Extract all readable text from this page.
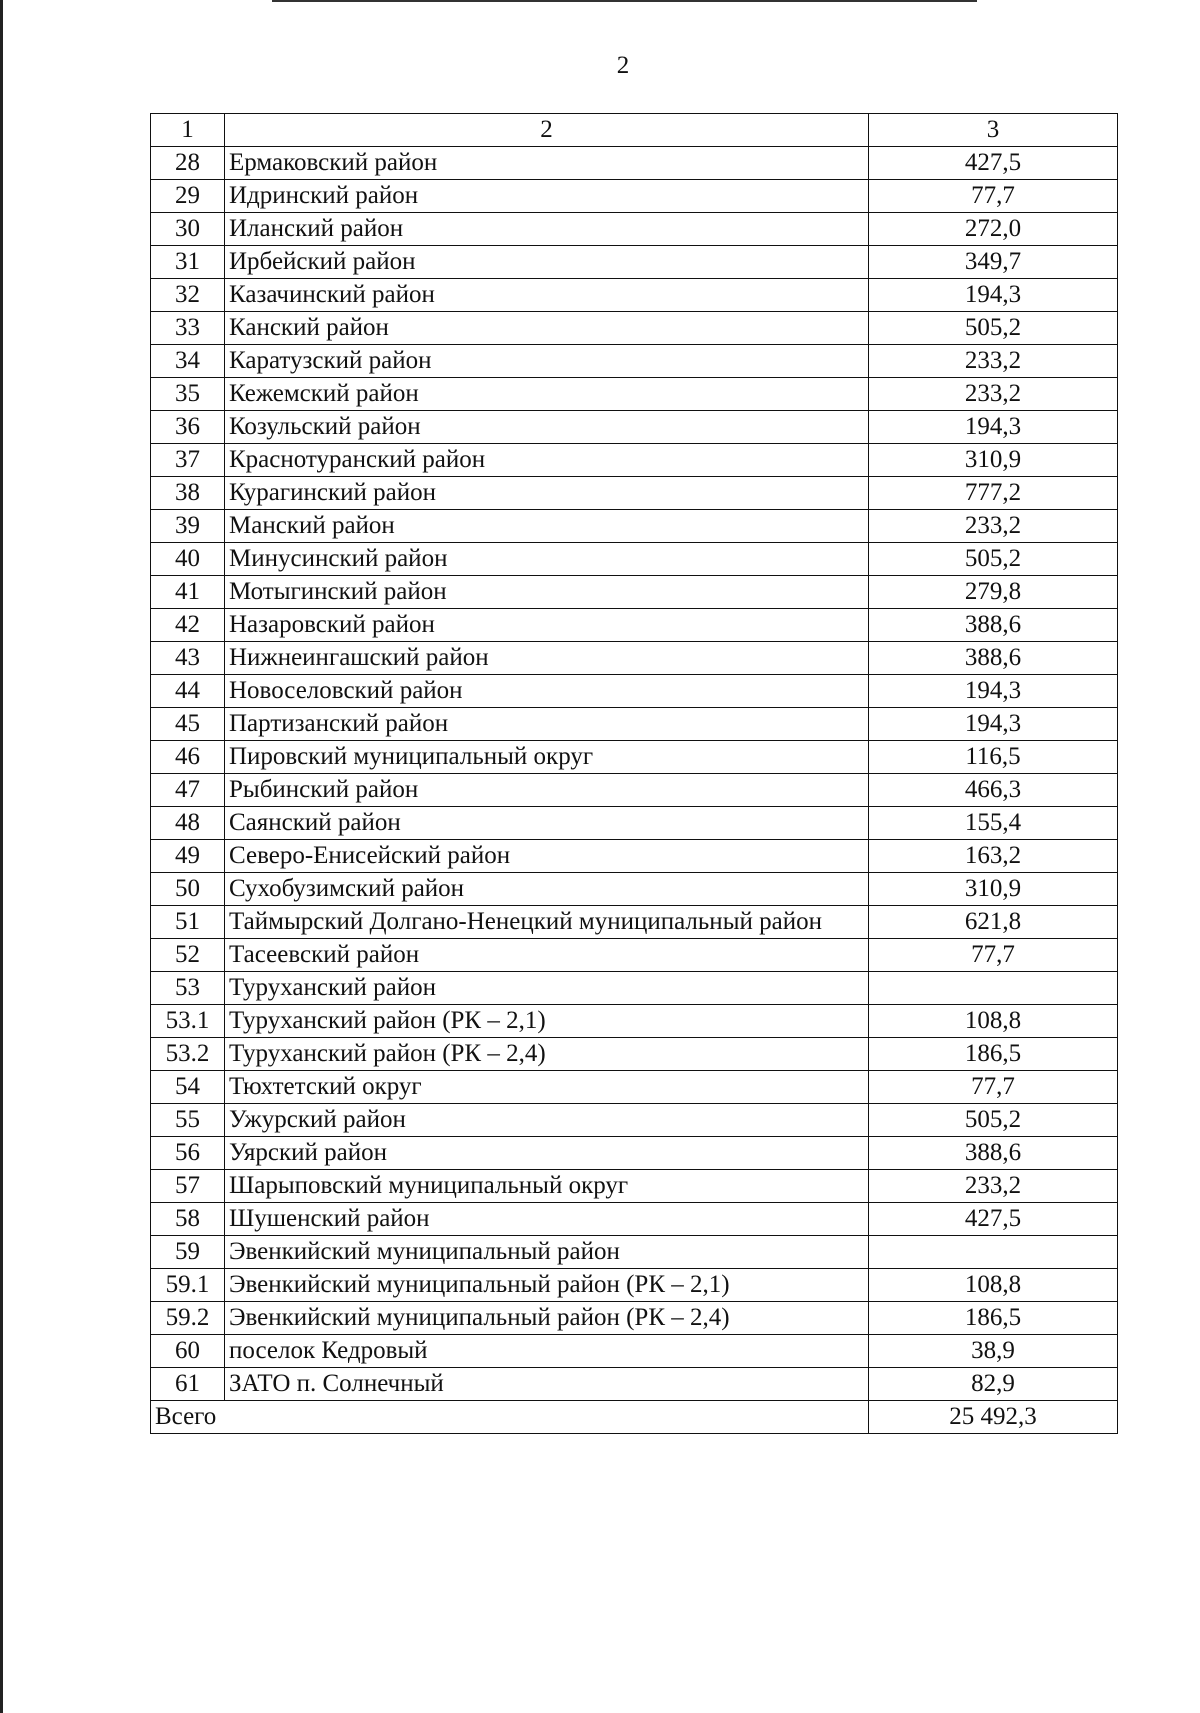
2
1	2	3
28	Ермаковский район	427,5
29	Идринский район	77,7
30	Иланский район	272,0
31	Ирбейский район	349,7
32	Казачинский район	194,3
33	Канский район	505,2
34	Каратузский район	233,2
35	Кежемский район	233,2
36	Козульский район	194,3
37	Краснотуранский район	310,9
38	Курагинский район	777,2
39	Манский район	233,2
40	Минусинский район	505,2
41	Мотыгинский район	279,8
42	Назаровский район	388,6
43	Нижнеингашский район	388,6
44	Новоселовский район	194,3
45	Партизанский район	194,3
46	Пировский муниципальный округ	116,5
47	Рыбинский район	466,3
48	Саянский район	155,4
49	Северо-Енисейский район	163,2
50	Сухобузимский район	310,9
51	Таймырский Долгано-Ненецкий муниципальный район	621,8
52	Тасеевский район	77,7
53	Туруханский район	
53.1	Туруханский район (РК – 2,1)	108,8
53.2	Туруханский район (РК – 2,4)	186,5
54	Тюхтетский округ	77,7
55	Ужурский район	505,2
56	Уярский район	388,6
57	Шарыповский муниципальный округ	233,2
58	Шушенский район	427,5
59	Эвенкийский муниципальный район	
59.1	Эвенкийский муниципальный район (РК – 2,1)	108,8
59.2	Эвенкийский муниципальный район (РК – 2,4)	186,5
60	поселок Кедровый	38,9
61	ЗАТО п. Солнечный	82,9
Всего		25 492,3
